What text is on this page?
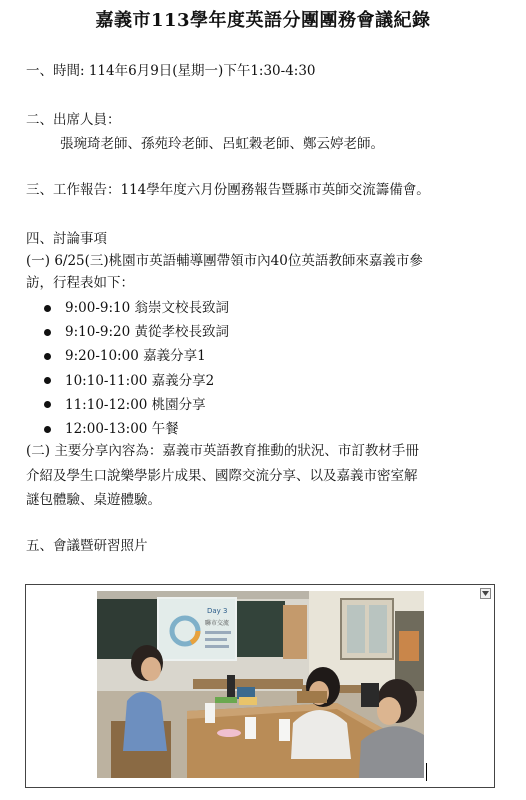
嘉義市113學年度英語分團團務會議紀錄
一、時間: 114年6月9日(星期一)下午1:30-4:30
二、出席人員：
張琬琦老師、孫苑玲老師、呂虹穀老師、鄭云婷老師。
三、工作報告：114學年度六月份團務報告暨縣市英師交流籌備會。
四、討論事項
(一) 6/25(三)桃園市英語輔導團帶領市內40位英語教師來嘉義市參
訪，行程表如下：
9:00-9:10 翁崇文校長致詞
9:10-9:20 黃從孝校長致詞
9:20-10:00 嘉義分享1
10:10-11:00 嘉義分享2
11:10-12:00 桃園分享
12:00-13:00 午餐
(二) 主要分享內容為：嘉義市英語教育推動的狀況、市訂教材手冊
介紹及學生口說樂學影片成果、國際交流分享、以及嘉義市密室解
謎包體驗、桌遊體驗。
五、會議暨研習照片
Day 3
聯市交流
